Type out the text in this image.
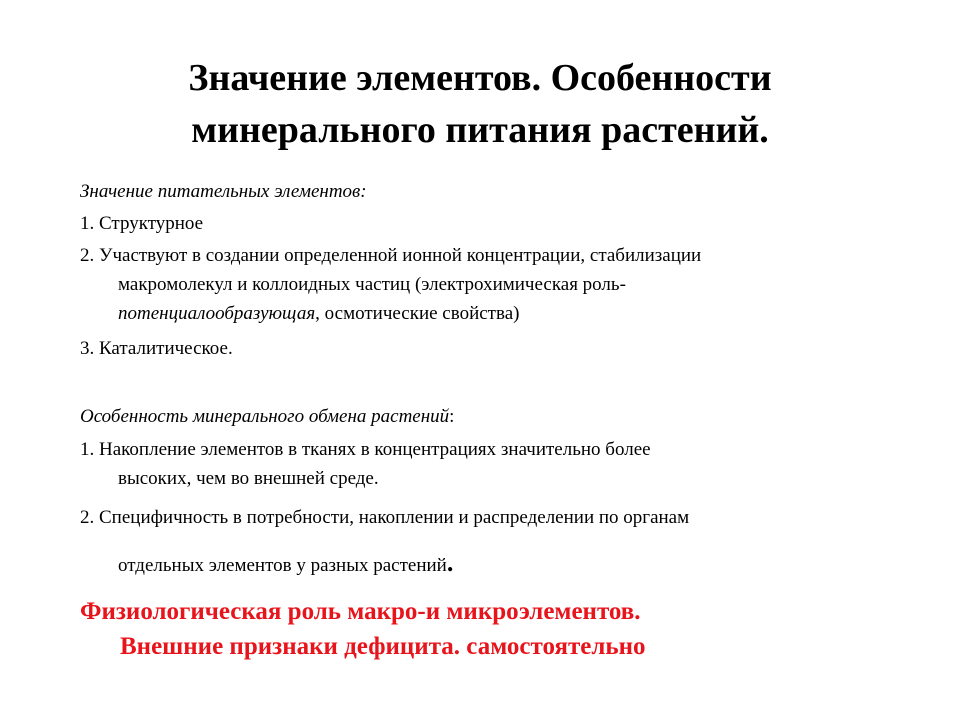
Значение элементов. Особенности
минерального питания растений.
Значение питательных элементов:
1. Структурное
2. Участвуют в создании определенной ионной концентрации, стабилизации
макромолекул и коллоидных частиц (электрохимическая роль-
потенциалообразующая, осмотические свойства)
3. Каталитическое.
Особенность минерального обмена растений:
1. Накопление элементов в тканях в концентрациях значительно более
высоких, чем во внешней среде.
2. Специфичность в потребности, накоплении и распределении по органам
отдельных элементов у разных растений.
Физиологическая роль макро-и микроэлементов.
Внешние признаки дефицита. самостоятельно
